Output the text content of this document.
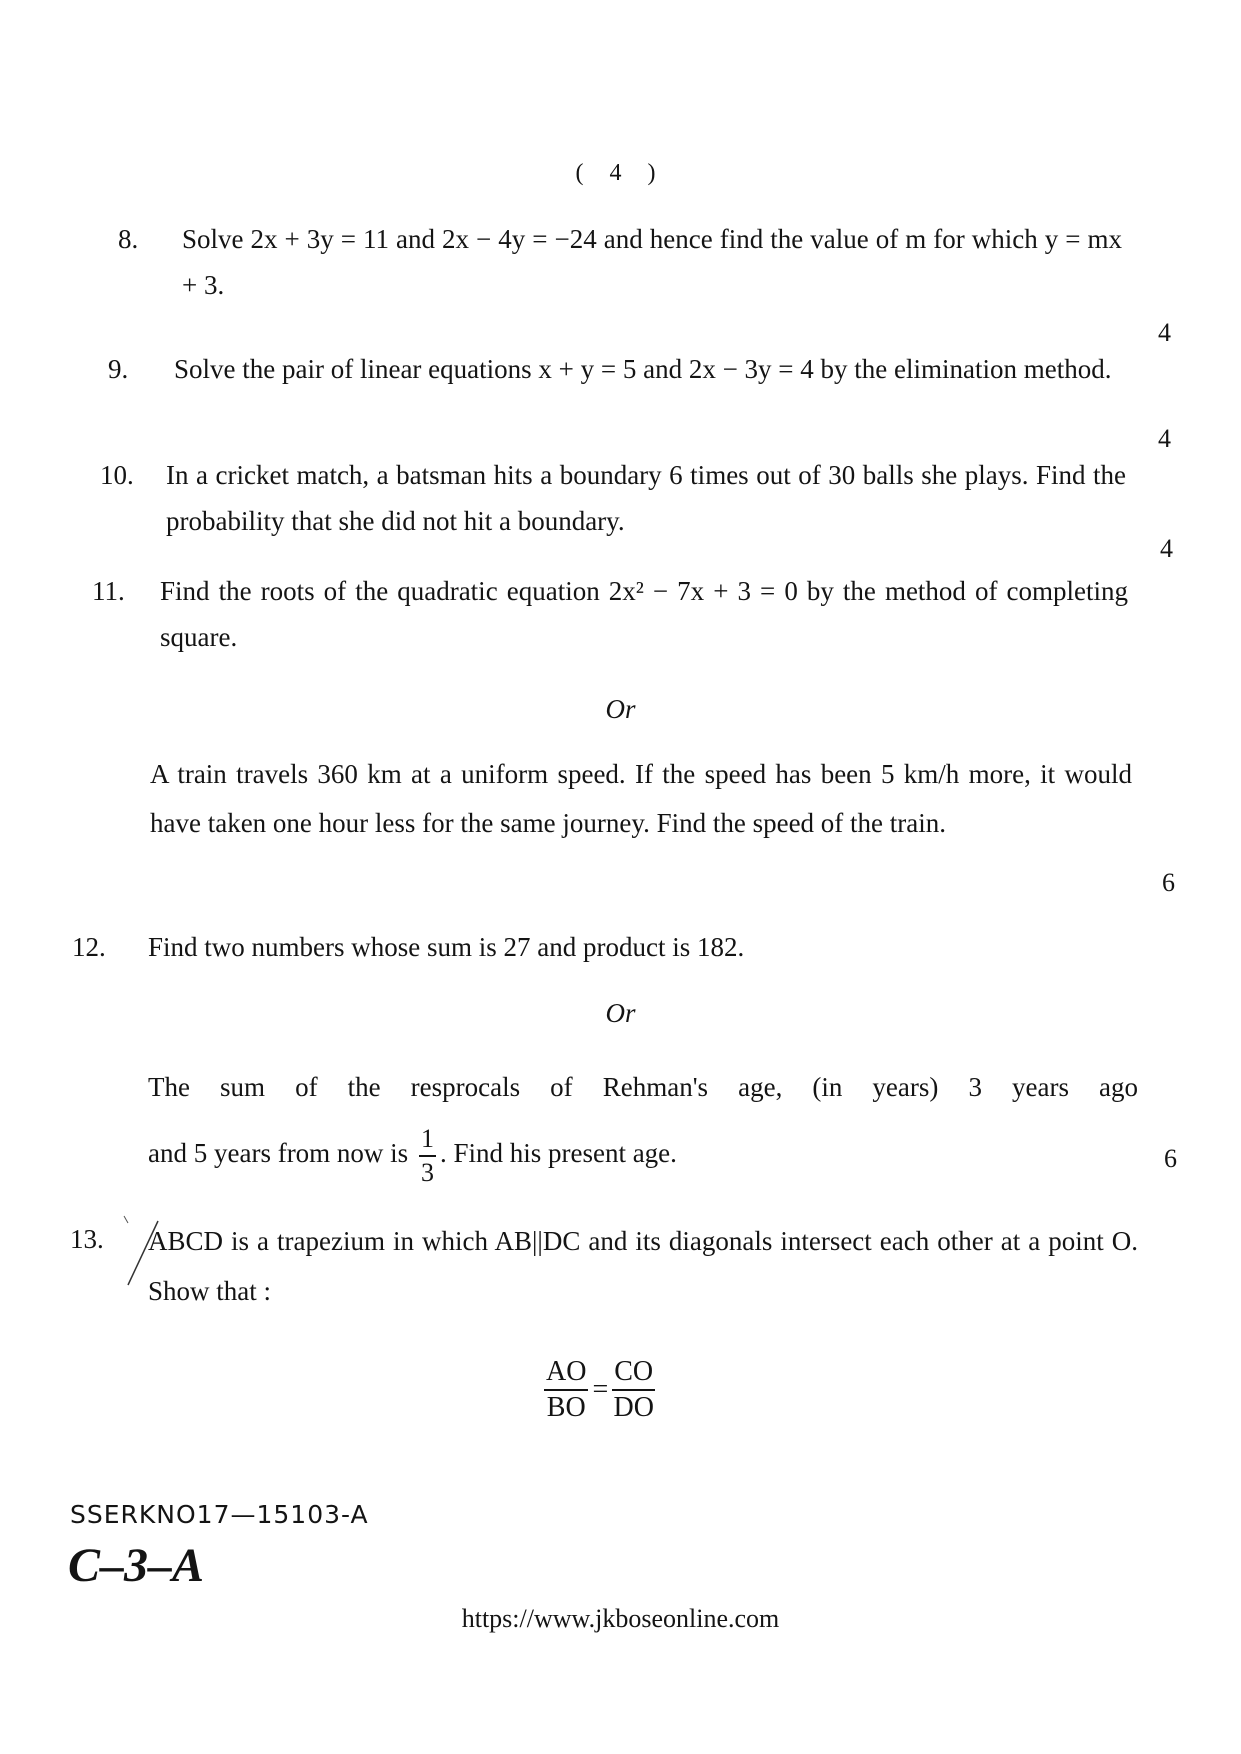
( 4 )
8. Solve 2x + 3y = 11 and 2x − 4y = −24 and hence find the value of m for which y = mx + 3.
4
9. Solve the pair of linear equations x + y = 5 and 2x − 3y = 4 by the elimination method.
4
10. In a cricket match, a batsman hits a boundary 6 times out of 30 balls she plays. Find the probability that she did not hit a boundary.
4
11. Find the roots of the quadratic equation 2x² − 7x + 3 = 0 by the method of completing square.
Or
A train travels 360 km at a uniform speed. If the speed has been 5 km/h more, it would have taken one hour less for the same journey. Find the speed of the train.
6
12. Find two numbers whose sum is 27 and product is 182.
Or
The sum of the resprocals of Rehman's age, (in years) 3 years ago
and 5 years from now is $\frac{1}{3}$ . Find his present age.	6
13. ABCD is a trapezium in which AB||DC and its diagonals intersect each other at a point O. Show that :
$\frac{AO}{BO} = \frac{CO}{DO}$
SSERKNO17—15103-A
C–3–A
https://www.jkboseonline.com
